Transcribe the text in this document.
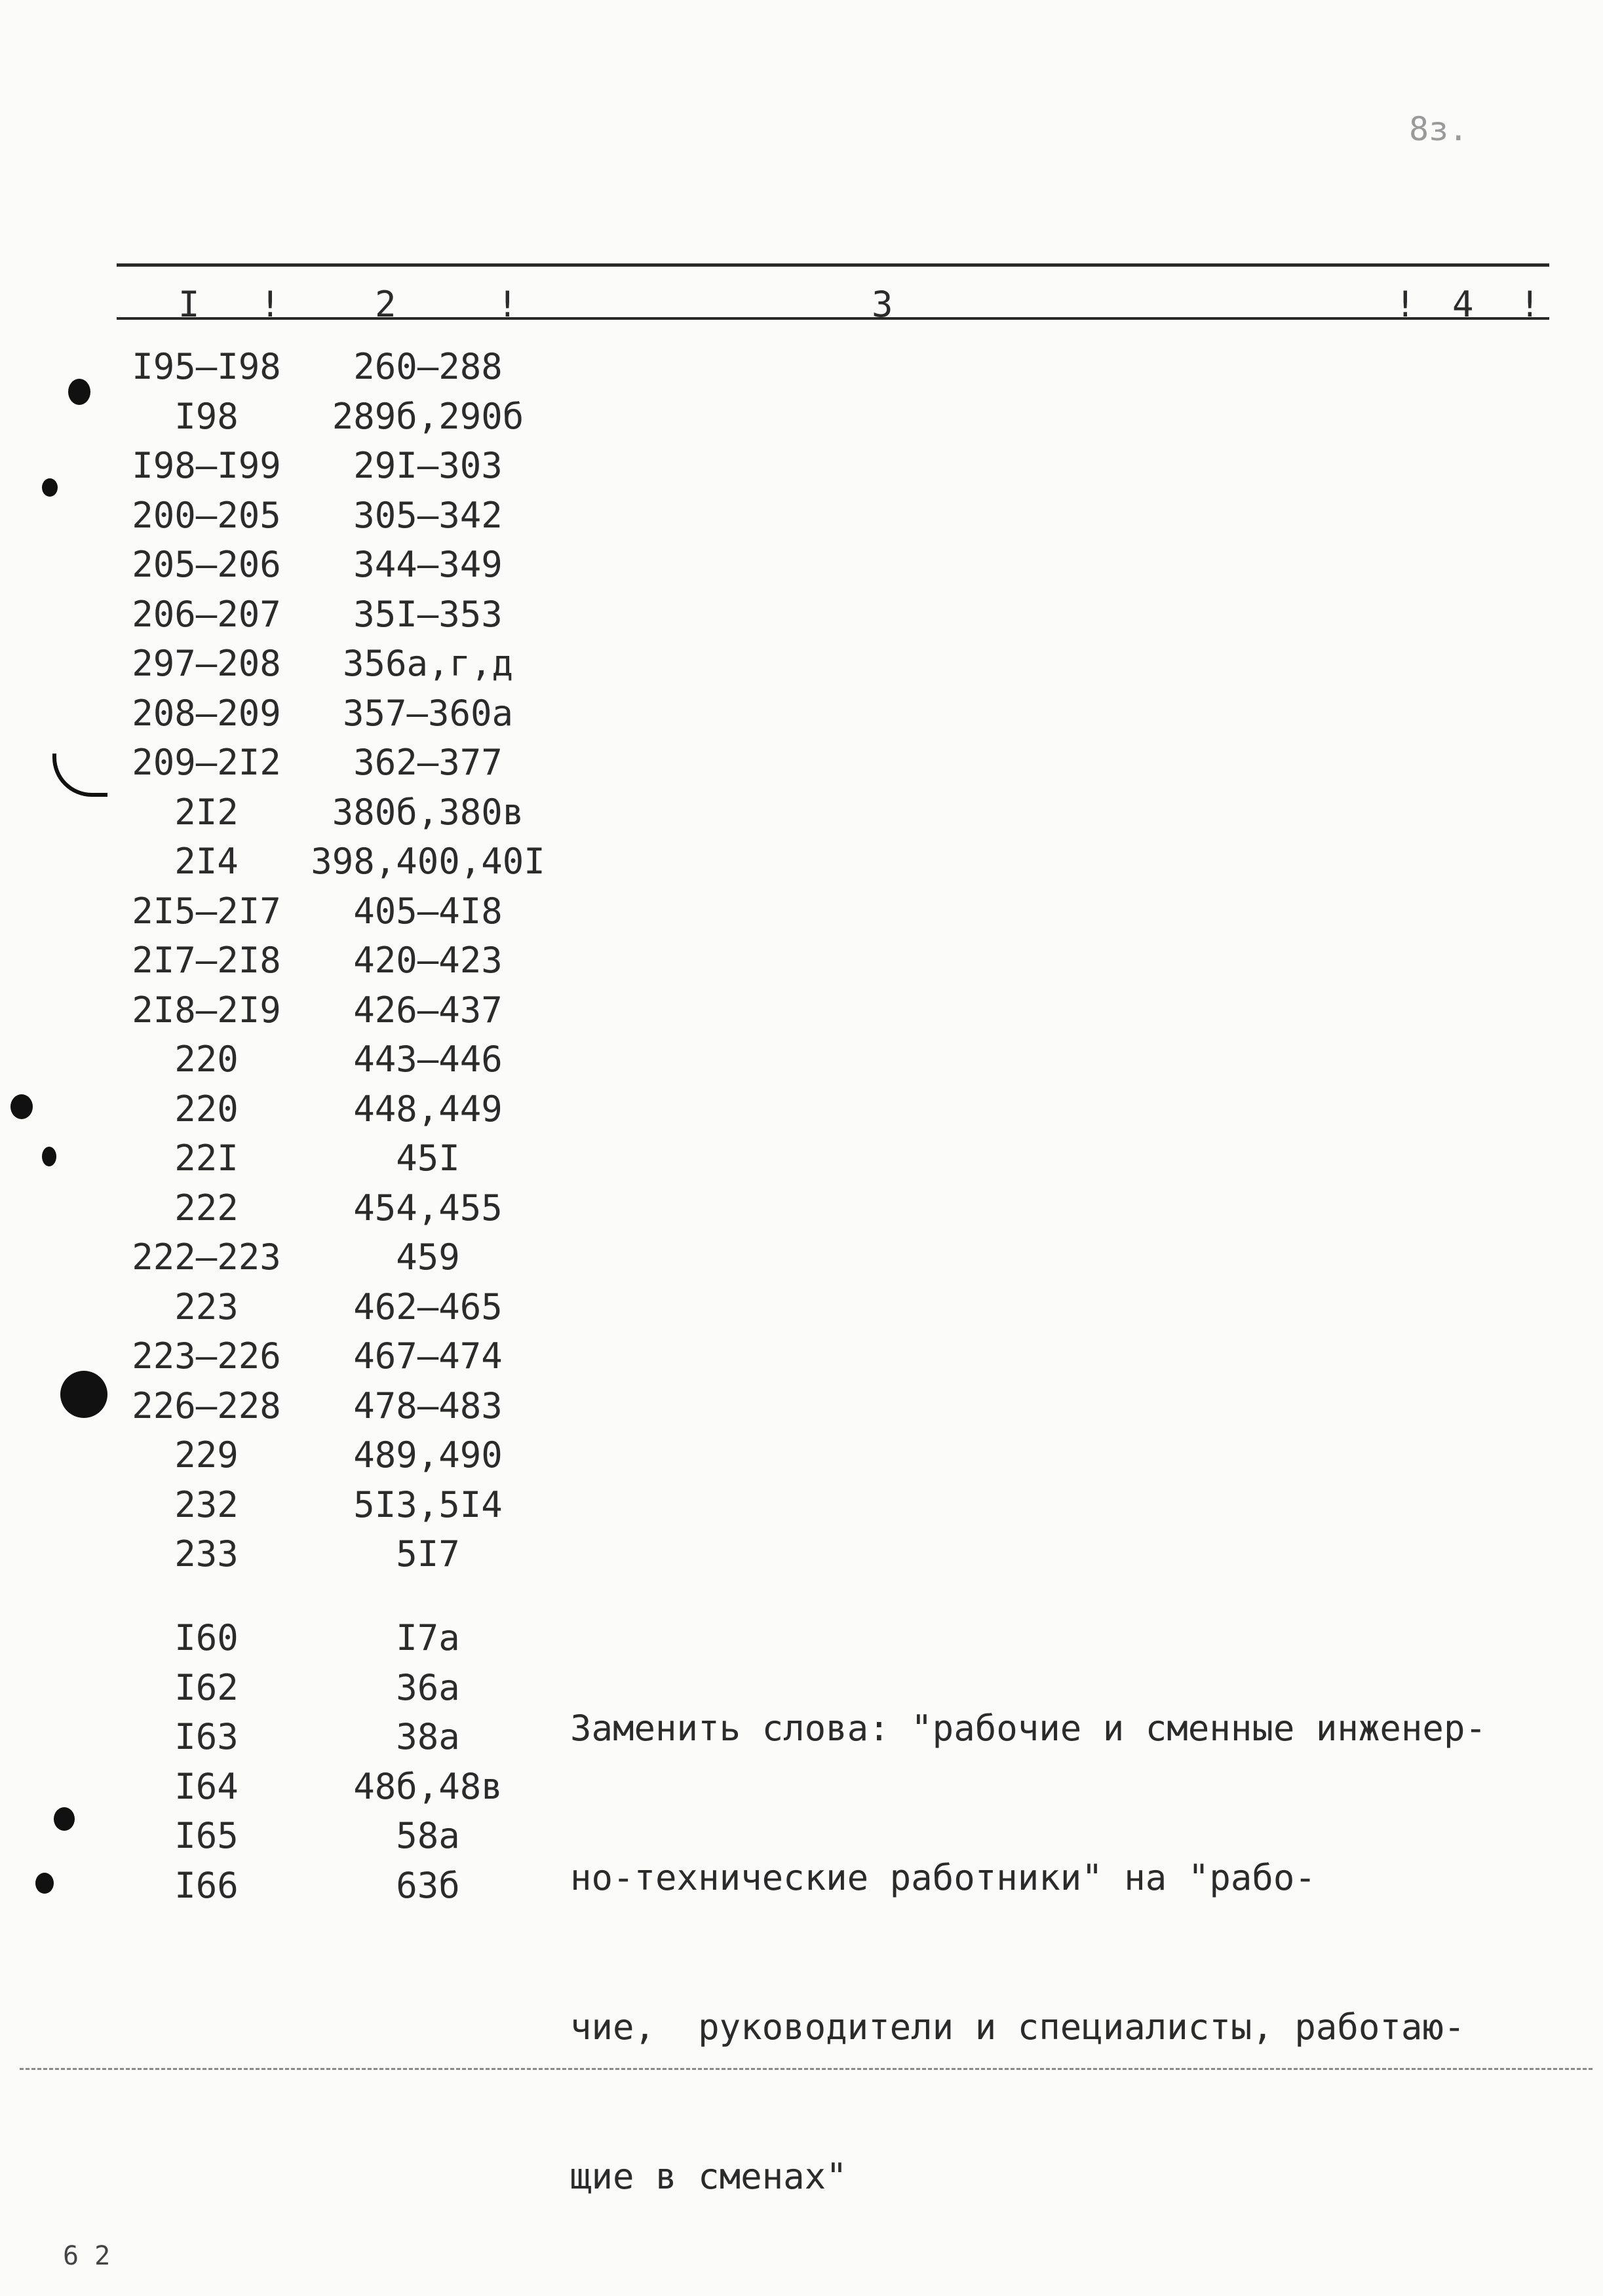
8з.
I !	2	!	3	! 4 !
I95–I98	260–288
I98	289б,290б
I98–I99	29I–303
200–205	305–342
205–206	344–349
206–207	35I–353
297–208	356а,г,д
208–209	357–360а
209–2I2	362–377
2I2	380б,380в
2I4	398,400,40I
2I5–2I7	405–4I8
2I7–2I8	420–423
2I8–2I9	426–437
220	443–446
220	448,449
22I	45I
222	454,455
222–223	459
223	462–465
223–226	467–474
226–228	478–483
229	489,490
232	5I3,5I4
233	5I7
I60	I7а
I62	36а
I63	38а
I64	48б,48в
I65	58а
I66	63б

Заменить слова: "рабочие и сменные инженер-

но-технические работники" на "рабо-

чие,  руководители и специалисты, работаю-

щие в сменах"

6 2
